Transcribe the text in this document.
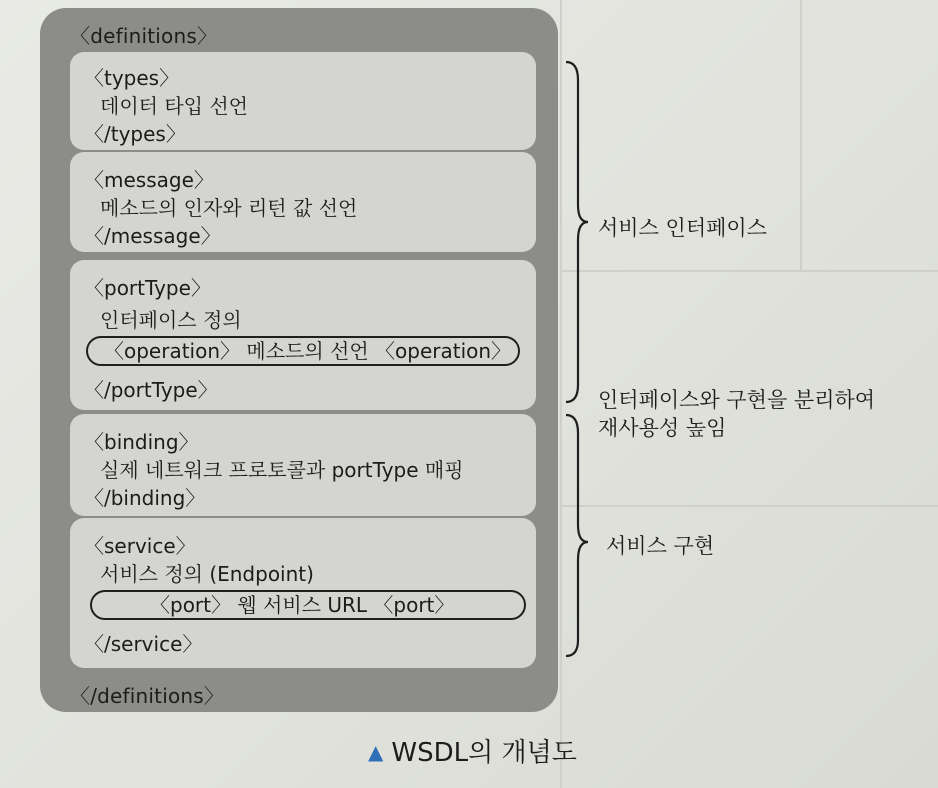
〈definitions〉
〈types〉
데이터 타입 선언
〈/types〉
〈message〉
메소드의 인자와 리턴 값 선언
〈/message〉
〈portType〉
인터페이스 정의
〈operation〉 메소드의 선언 〈operation〉
〈/portType〉
〈binding〉
실제 네트워크 프로토콜과 portType 매핑
〈/binding〉
〈service〉
서비스 정의 (Endpoint)
〈port〉 웹 서비스 URL 〈port〉
〈/service〉
〈/definitions〉
서비스 인터페이스
인터페이스와 구현을 분리하여
재사용성 높임
서비스 구현
▲ WSDL의 개념도
